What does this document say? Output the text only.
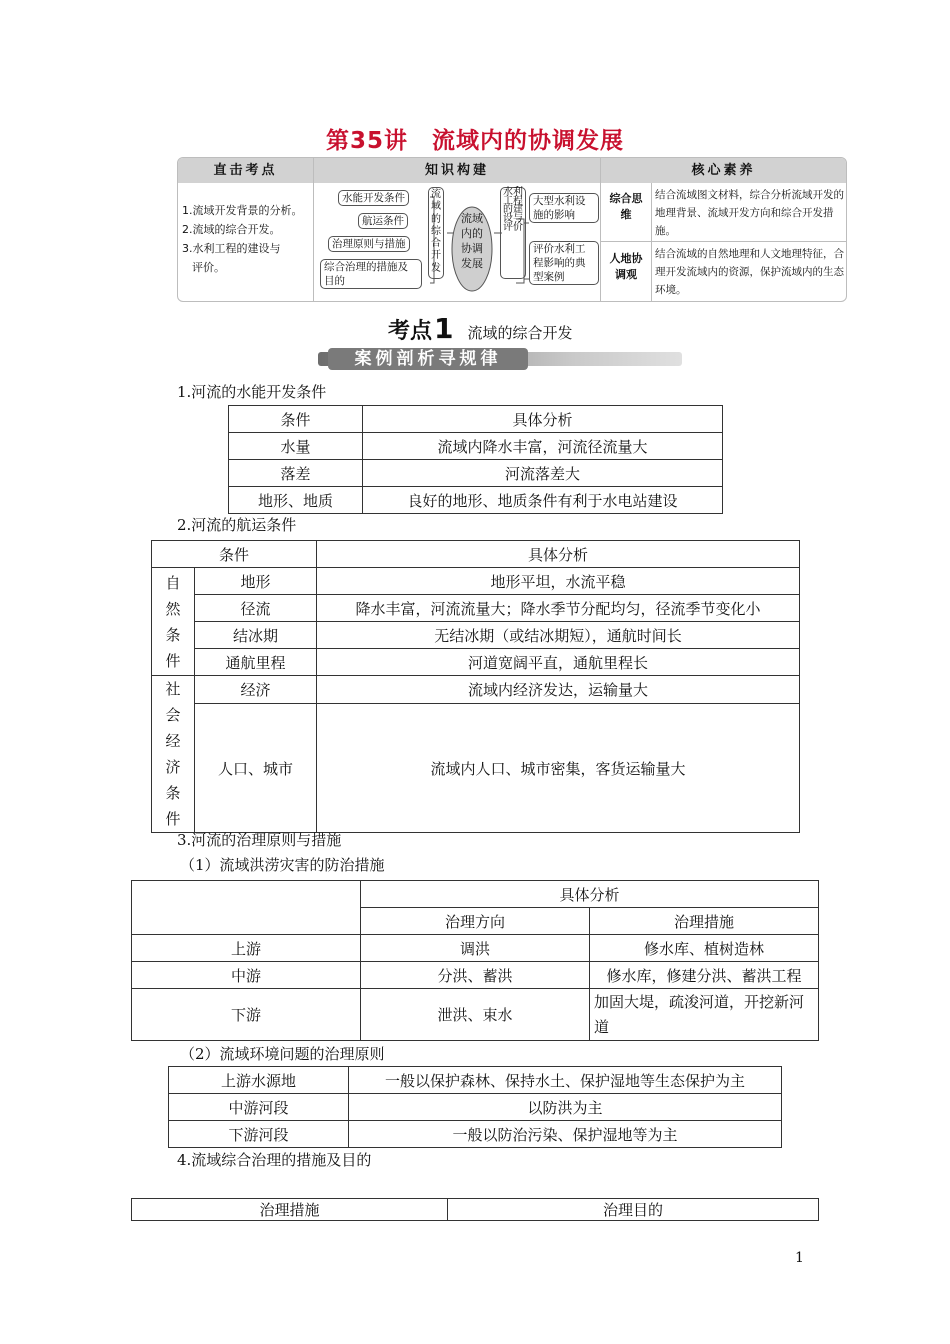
第35讲　流域内的协调发展
直击考点	知识构建	核心素养
1.流域开发背景的分析。
2.流域的综合开发。
3.水利工程的建设与
评价。
水能开发条件
航运条件
治理原则与措施
综合治理的措施及目的
流域的综合开发
流域内的协调发展
水利工程的建设与评价
大型水利设施的影响
评价水利工程影响的典型案例
综合思维
结合流域图文材料，综合分析流域开发的地理背景、流域开发方向和综合开发措施。
人地协调观
结合流域的自然地理和人文地理特征，合理开发流域内的资源，保护流域内的生态环境。
考点1 流域的综合开发
案例剖析寻规律
1.河流的水能开发条件
条件	具体分析
水量	流域内降水丰富，河流径流量大
落差	河流落差大
地形、地质	良好的地形、地质条件有利于水电站建设
2.河流的航运条件
条件		具体分析
自然条件	地形	地形平坦，水流平稳
	径流	降水丰富，河流流量大；降水季节分配均匀，径流季节变化小
	结冰期	无结冰期（或结冰期短），通航时间长
	通航里程	河道宽阔平直，通航里程长
社会经济条件	经济	流域内经济发达，运输量大
	人口、城市	流域内人口、城市密集，客货运输量大
3.河流的治理原则与措施
（1）流域洪涝灾害的防治措施
	具体分析	
	治理方向	治理措施
上游	调洪	修水库、植树造林
中游	分洪、蓄洪	修水库，修建分洪、蓄洪工程
下游	泄洪、束水	加固大堤，疏浚河道，开挖新河道
（2）流域环境问题的治理原则
上游水源地	一般以保护森林、保持水土、保护湿地等生态保护为主
中游河段	以防洪为主
下游河段	一般以防治污染、保护湿地等为主
4.流域综合治理的措施及目的
治理措施	治理目的
1
